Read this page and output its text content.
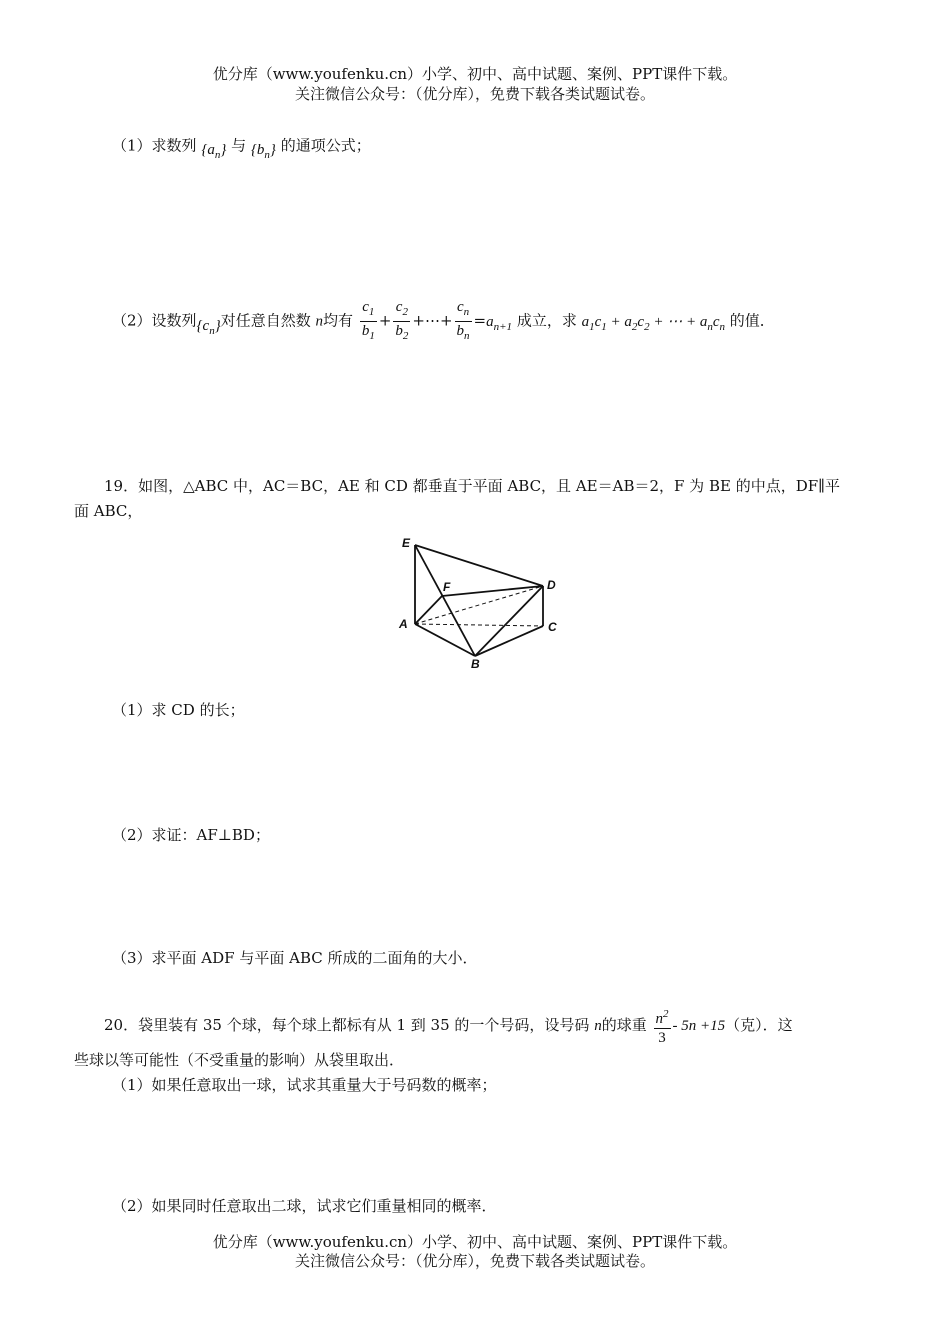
优分库（www.youfenku.cn）小学、初中、高中试题、案例、PPT课件下载。
关注微信公众号：（优分库），免费下载各类试题试卷。
（1）求数列 $\{a_n\}$ 与 $\{b_n\}$ 的通项公式；
（2）设数列$\{c_n\}$对任意自然数 n均有 $\frac{c_1}{b_1} + \frac{c_2}{b_2}$ +⋯+ $\frac{c_n}{b_n} =a_{n+1}$ 成立，求 $a_1c_1 + a_2c_2$ + ⋯ + $a_nc_n$ 的值．
19．如图，△ABC 中，AC＝BC，AE 和 CD 都垂直于平面 ABC，且 AE＝AB＝2，F 为 BE 的中点，DF∥平
面 ABC，
E
F	D
A	C
B
（1）求 CD 的长；
（2）求证：AF⊥BD；
（3）求平面 ADF 与平面 ABC 所成的二面角的大小．
20．袋里装有 35 个球，每个球上都标有从 1 到 35 的一个号码，设号码 n的球重 $\frac{n^2}{3} - 5n +15$（克）．这
些球以等可能性（不受重量的影响）从袋里取出．
（1）如果任意取出一球，试求其重量大于号码数的概率；
（2）如果同时任意取出二球，试求它们重量相同的概率．
优分库（www.youfenku.cn）小学、初中、高中试题、案例、PPT课件下载。
关注微信公众号：（优分库），免费下载各类试题试卷。
